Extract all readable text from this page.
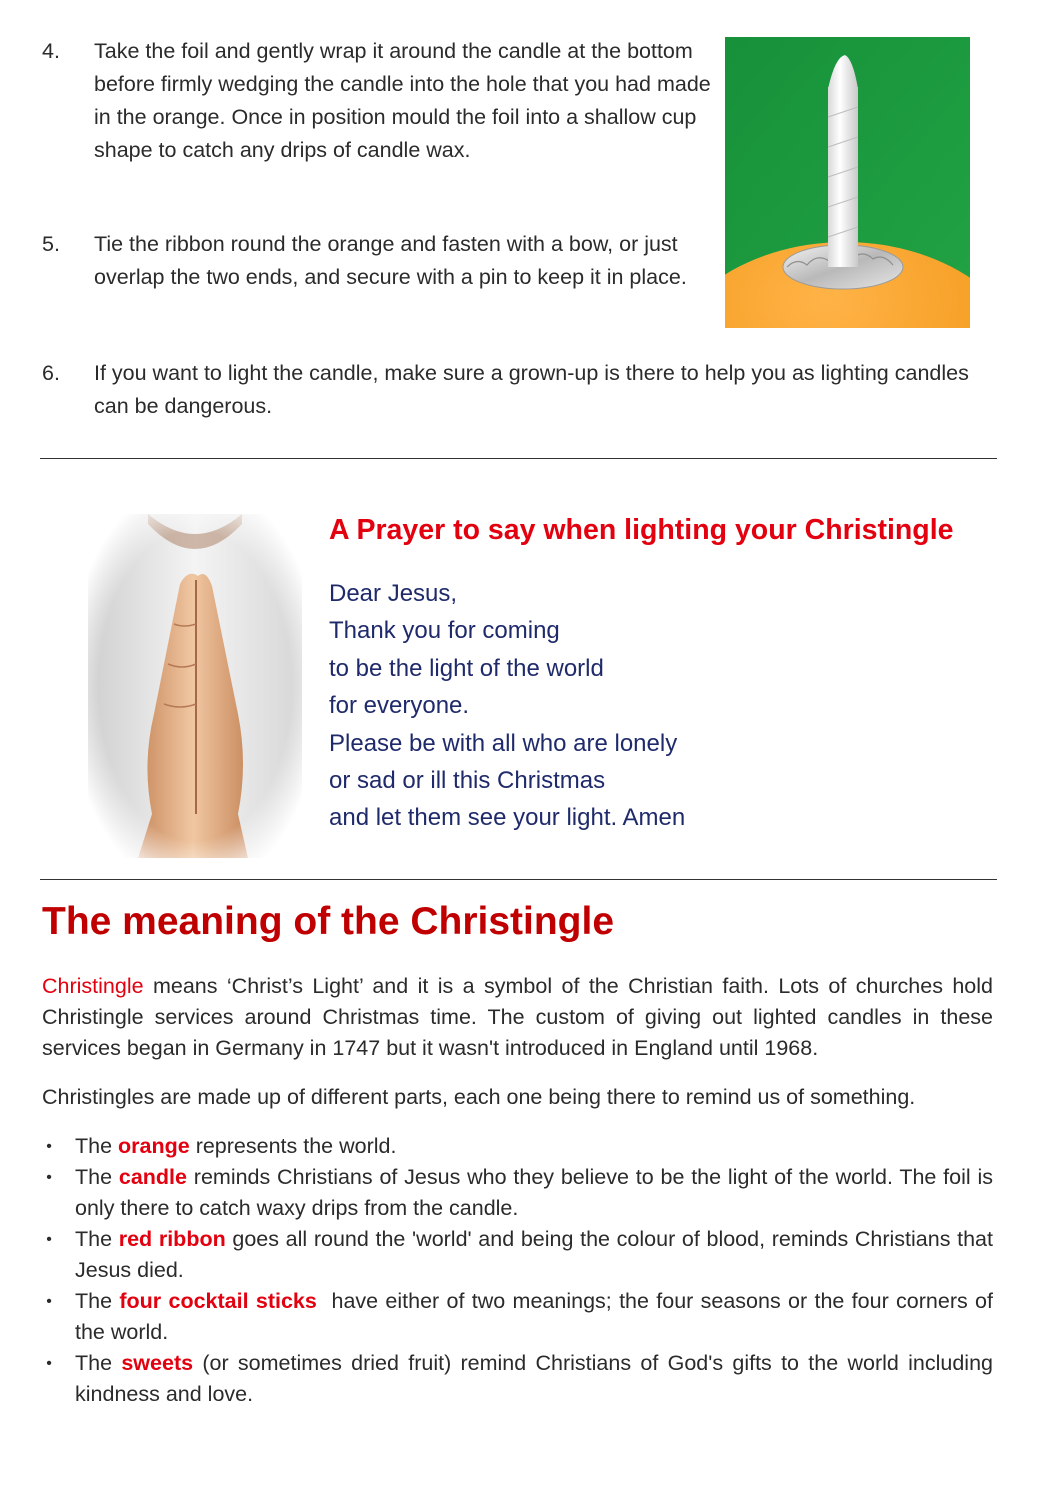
4.	Take the foil and gently wrap it around the candle at the bottom before firmly wedging the candle into the hole that you had made in the orange. Once in position mould the foil into a shallow cup shape to catch any drips of candle wax.
5.	Tie the ribbon round the orange and fasten with a bow, or just overlap the two ends, and secure with a pin to keep it in place.
6.	If you want to light the candle, make sure a grown-up is there to help you as lighting candles can be dangerous.
A Prayer to say when lighting your Christingle
Dear Jesus,
Thank you for coming
to be the light of the world
for everyone.
Please be with all who are lonely
or sad or ill this Christmas
and let them see your light. Amen
The meaning of the Christingle

Christingle means ‘Christ’s Light’ and it is a symbol of the Christian faith. Lots of churches hold Christingle services around Christmas time. The custom of giving out lighted candles in these services began in Germany in 1747 but it wasn't introduced in England until 1968.

Christingles are made up of different parts, each one being there to remind us of something.

• The orange represents the world.
• The candle reminds Christians of Jesus who they believe to be the light of the world. The foil is only there to catch waxy drips from the candle.
• The red ribbon goes all round the 'world' and being the colour of blood, reminds Christians that Jesus died.
• The four cocktail sticks  have either of two meanings; the four seasons or the four corners of the world.
• The sweets (or sometimes dried fruit) remind Christians of God's gifts to the world including kindness and love.
